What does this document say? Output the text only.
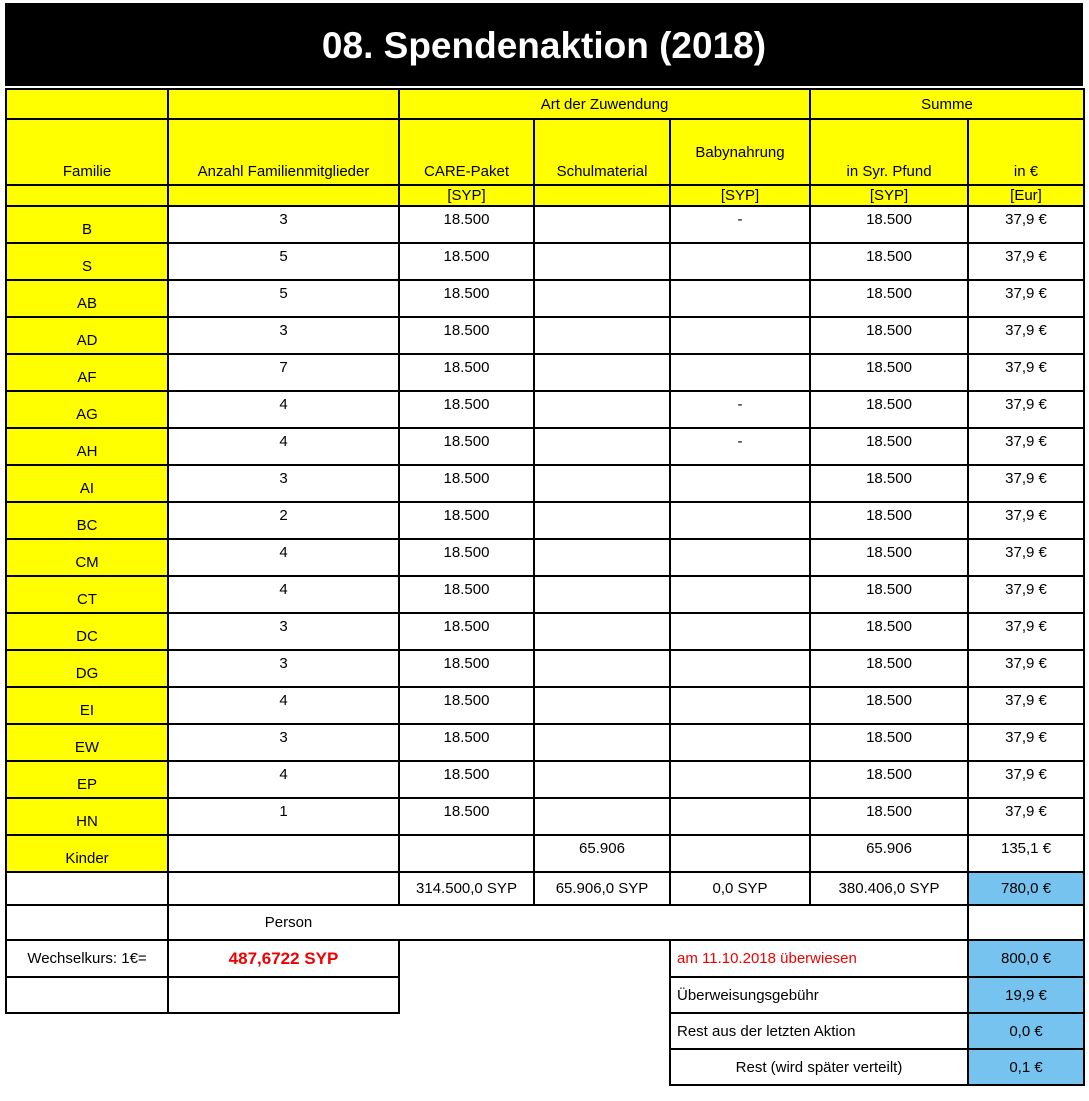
08. Spendenaktion (2018)
		Art der Zuwendung			Summe	
Familie	Anzahl Familienmitglieder	CARE-Paket	Schulmaterial	Babynahrung	in Syr. Pfund	in €
		[SYP]		[SYP]	[SYP]	[Eur]
B	3	18.500		-	18.500	37,9 €
S	5	18.500			18.500	37,9 €
AB	5	18.500			18.500	37,9 €
AD	3	18.500			18.500	37,9 €
AF	7	18.500			18.500	37,9 €
AG	4	18.500		-	18.500	37,9 €
AH	4	18.500		-	18.500	37,9 €
AI	3	18.500			18.500	37,9 €
BC	2	18.500			18.500	37,9 €
CM	4	18.500			18.500	37,9 €
CT	4	18.500			18.500	37,9 €
DC	3	18.500			18.500	37,9 €
DG	3	18.500			18.500	37,9 €
EI	4	18.500			18.500	37,9 €
EW	3	18.500			18.500	37,9 €
EP	4	18.500			18.500	37,9 €
HN	1	18.500			18.500	37,9 €
Kinder			65.906		65.906	135,1 €
		314.500,0 SYP	65.906,0 SYP	0,0 SYP	380.406,0 SYP	780,0 €
	Person					
Wechselkurs: 1€=	487,6722 SYP			am 11.10.2018 überwiesen		800,0 €
				Überweisungsgebühr		19,9 €
				Rest aus der letzten Aktion		0,0 €
				Rest (wird später verteilt)		0,1 €
